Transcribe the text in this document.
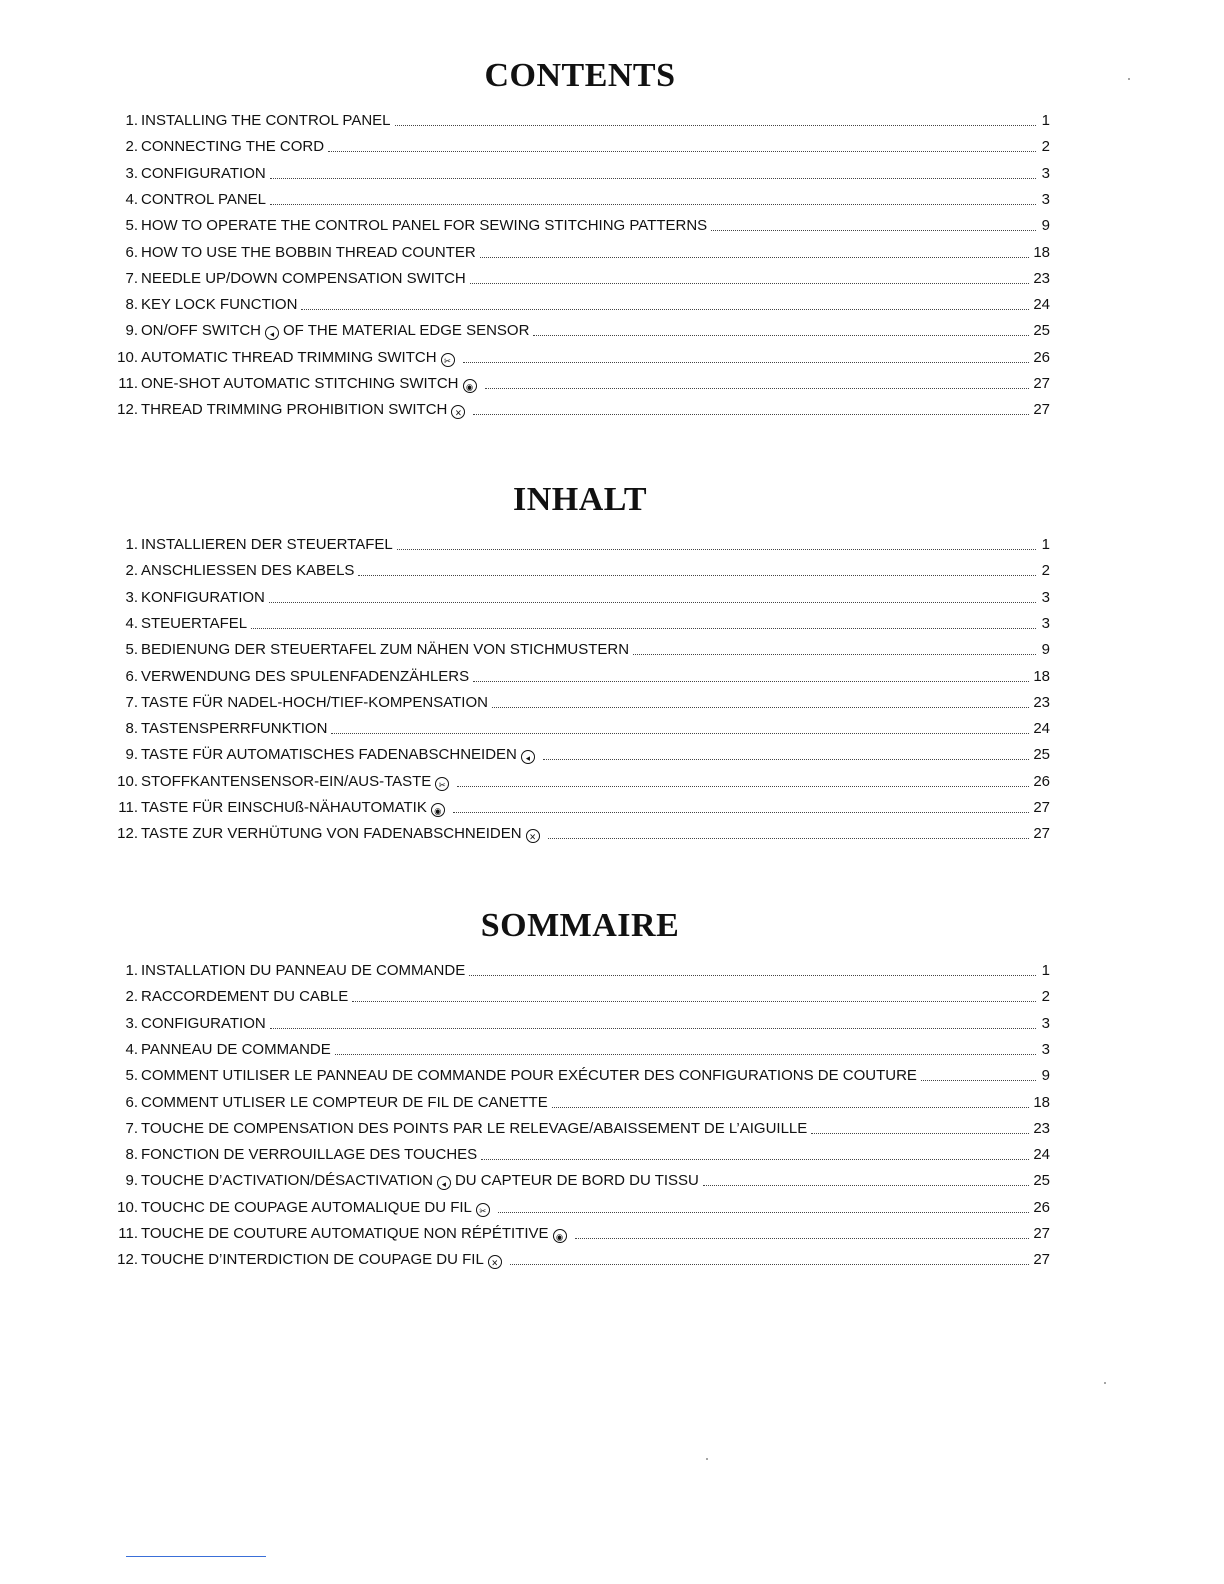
CONTENTS
1. INSTALLING THE CONTROL PANEL	1
2. CONNECTING THE CORD	2
3. CONFIGURATION	3
4. CONTROL PANEL	3
5. HOW TO OPERATE THE CONTROL PANEL FOR SEWING STITCHING PATTERNS	9
6. HOW TO USE THE BOBBIN THREAD COUNTER	18
7. NEEDLE UP/DOWN COMPENSATION SWITCH	23
8. KEY LOCK FUNCTION	24
9. ON/OFF SWITCH ◂ OF THE MATERIAL EDGE SENSOR	25
10. AUTOMATIC THREAD TRIMMING SWITCH ✂	26
11. ONE-SHOT AUTOMATIC STITCHING SWITCH ◉	27
12. THREAD TRIMMING PROHIBITION SWITCH ✕	27
INHALT
1. INSTALLIEREN DER STEUERTAFEL	1
2. ANSCHLIESSEN DES KABELS	2
3. KONFIGURATION	3
4. STEUERTAFEL	3
5. BEDIENUNG DER STEUERTAFEL ZUM NÄHEN VON STICHMUSTERN	9
6. VERWENDUNG DES SPULENFADENZÄHLERS	18
7. TASTE FÜR NADEL-HOCH/TIEF-KOMPENSATION	23
8. TASTENSPERRFUNKTION	24
9. TASTE FÜR AUTOMATISCHES FADENABSCHNEIDEN ◂	25
10. STOFFKANTENSENSOR-EIN/AUS-TASTE ✂	26
11. TASTE FÜR EINSCHUß-NÄHAUTOMATIK ◉	27
12. TASTE ZUR VERHÜTUNG VON FADENABSCHNEIDEN ✕	27
SOMMAIRE
1. INSTALLATION DU PANNEAU DE COMMANDE	1
2. RACCORDEMENT DU CABLE	2
3. CONFIGURATION	3
4. PANNEAU DE COMMANDE	3
5. COMMENT UTILISER LE PANNEAU DE COMMANDE POUR EXÉCUTER DES CONFIGURATIONS DE COUTURE	9
6. COMMENT UTLISER LE COMPTEUR DE FIL DE CANETTE	18
7. TOUCHE DE COMPENSATION DES POINTS PAR LE RELEVAGE/ABAISSEMENT DE L’AIGUILLE	23
8. FONCTION DE VERROUILLAGE DES TOUCHES	24
9. TOUCHE D’ACTIVATION/DÉSACTIVATION ◂ DU CAPTEUR DE BORD DU TISSU	25
10. TOUCHC DE COUPAGE AUTOMALIQUE DU FIL ✂	26
11. TOUCHE DE COUTURE AUTOMATIQUE NON RÉPÉTITIVE ◉	27
12. TOUCHE D’INTERDICTION DE COUPAGE DU FIL ✕	27
